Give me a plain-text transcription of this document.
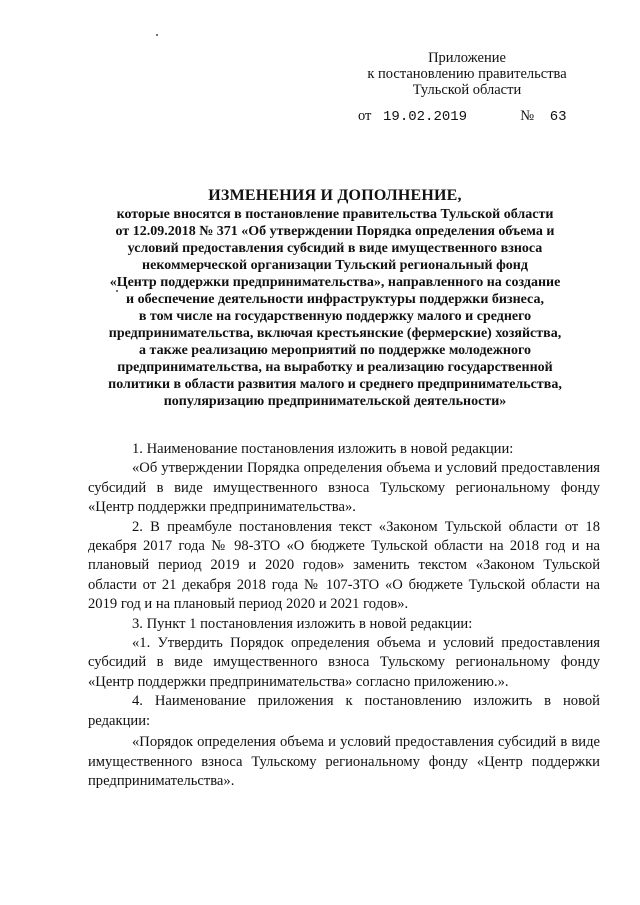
Приложение
к постановлению правительства
Тульской области
от 19.02.2019	№ 63
ИЗМЕНЕНИЯ И ДОПОЛНЕНИЕ,
которые вносятся в постановление правительства Тульской области
от 12.09.2018 № 371 «Об утверждении Порядка определения объема и
условий предоставления субсидий в виде имущественного взноса
некоммерческой организации Тульский региональный фонд
«Центр поддержки предпринимательства», направленного на создание
и обеспечение деятельности инфраструктуры поддержки бизнеса,
в том числе на государственную поддержку малого и среднего
предпринимательства, включая крестьянские (фермерские) хозяйства,
а также реализацию мероприятий по поддержке молодежного
предпринимательства, на выработку и реализацию государственной
политики в области развития малого и среднего предпринимательства,
популяризацию предпринимательской деятельности»

1. Наименование постановления изложить в новой редакции:

«Об утверждении Порядка определения объема и условий предоставления субсидий в виде имущественного взноса Тульскому региональному фонду «Центр поддержки предпринимательства».

2. В преамбуле постановления текст «Законом Тульской области от 18 декабря 2017 года № 98-ЗТО «О бюджете Тульской области на 2018 год и на плановый период 2019 и 2020 годов» заменить текстом «Законом Тульской области от 21 декабря 2018 года № 107-ЗТО «О бюджете Тульской области на 2019 год и на плановый период 2020 и 2021 годов».

3. Пункт 1 постановления изложить в новой редакции:

«1. Утвердить Порядок определения объема и условий предоставления субсидий в виде имущественного взноса Тульскому региональному фонду «Центр поддержки предпринимательства» согласно приложению.».

4. Наименование приложения к постановлению изложить в новой редакции:

«Порядок определения объема и условий предоставления субсидий в виде имущественного взноса Тульскому региональному фонду «Центр поддержки предпринимательства».
